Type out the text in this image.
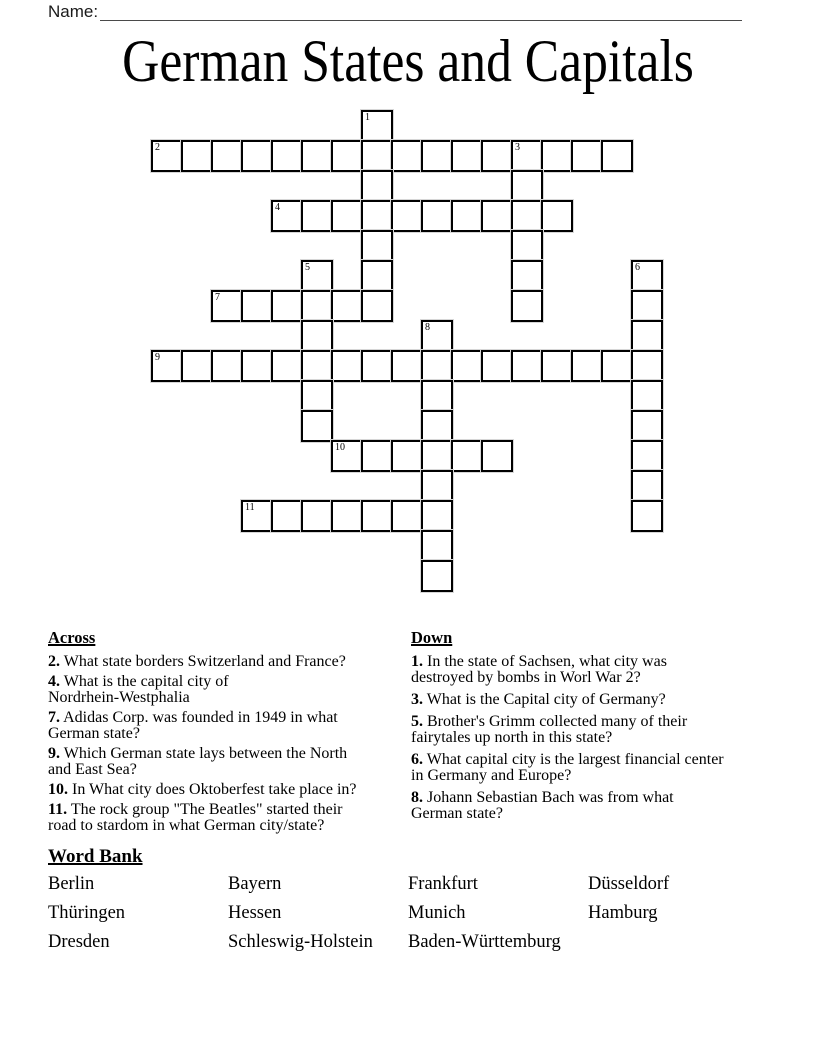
Name:
German States and Capitals
1
2	3
4
5	6
7
8
9
10
11
Across
2. What state borders Switzerland and France?
4. What is the capital city of
Nordrhein-Westphalia
7. Adidas Corp. was founded in 1949 in what
German state?
9. Which German state lays between the North
and East Sea?
10. In What city does Oktoberfest take place in?
11. The rock group "The Beatles" started their
road to stardom in what German city/state?
Down
1. In the state of Sachsen, what city was
destroyed by bombs in Worl War 2?
3. What is the Capital city of Germany?
5. Brother's Grimm collected many of their
fairytales up north in this state?
6. What capital city is the largest financial center
in Germany and Europe?
8. Johann Sebastian Bach was from what
German state?
Word Bank
Berlin	Bayern	Frankfurt	Düsseldorf
Thüringen	Hessen	Munich	Hamburg
Dresden	Schleswig-Holstein	Baden-Württemburg
